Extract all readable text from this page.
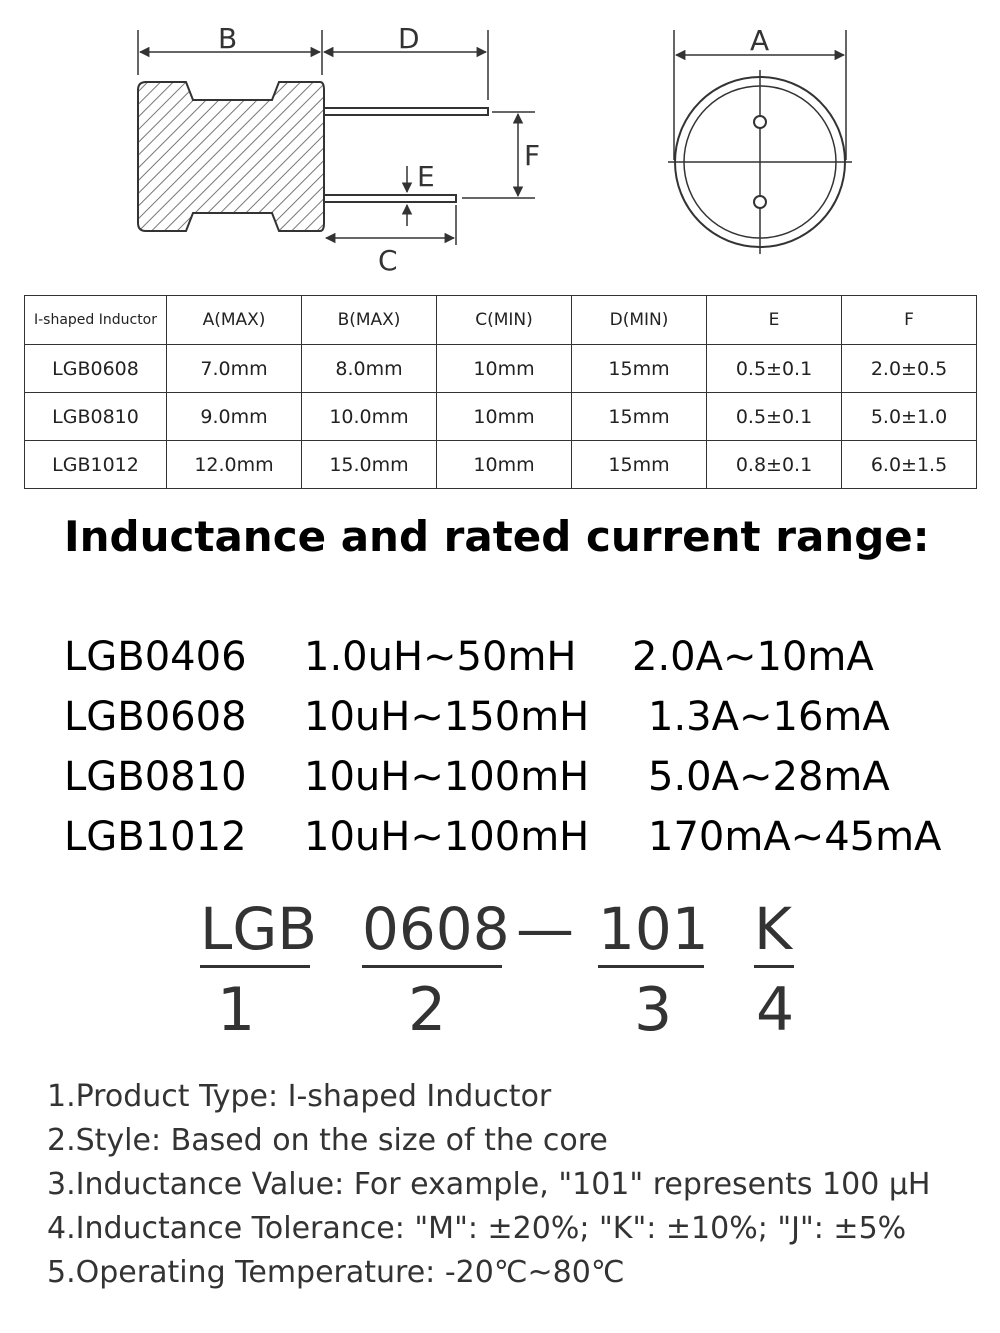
B	D
F
E
C
A
I-shaped Inductor	A(MAX)	B(MAX)	C(MIN)	D(MIN)	E	F
LGB0608	7.0mm	8.0mm	10mm	15mm	0.5±0.1	2.0±0.5
LGB0810	9.0mm	10.0mm	10mm	15mm	0.5±0.1	5.0±1.0
LGB1012	12.0mm	15.0mm	10mm	15mm	0.8±0.1	6.0±1.5
Inductance and rated current range:
LGB0406 1.0uH~50mH 2.0A~10mA
LGB0608 10uH~150mH 1.3A~16mA
LGB0810 10uH~100mH 5.0A~28mA
LGB1012 10uH~100mH 170mA~45mA
LGB 0608 — 101 K
1	2	3 4
1.Product Type: I-shaped Inductor
2.Style: Based on the size of the core
3.Inductance Value: For example, "101" represents 100 μH
4.Inductance Tolerance: "M": ±20%; "K": ±10%; "J": ±5%
5.Operating Temperature: -20℃~80℃
